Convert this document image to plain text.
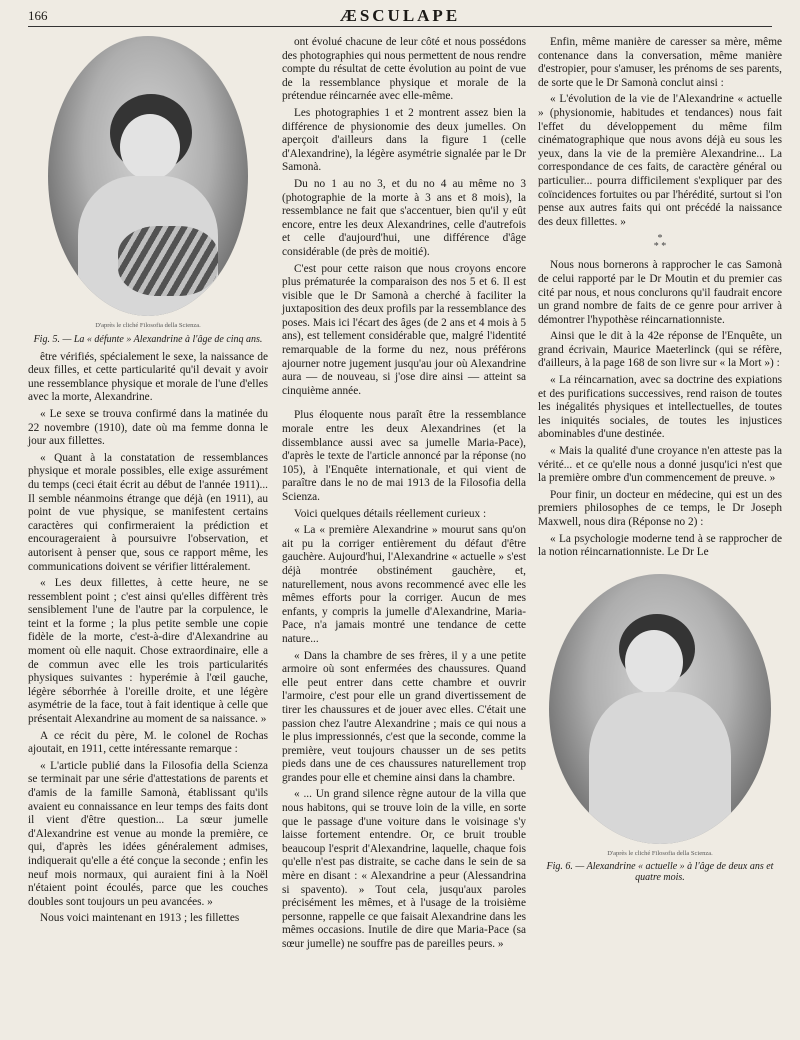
166	ÆSCULAPE
D'après le cliché Filosofia della Scienza.
Fig. 5. — La « défunte » Alexandrine à l'âge de cinq ans.

être vérifiés, spécialement le sexe, la naissance de deux filles, et cette particularité qu'il devait y avoir une ressemblance physique et morale de l'une d'elles avec la morte, Alexandrine.

« Le sexe se trouva confirmé dans la matinée du 22 novembre (1910), date où ma femme donna le jour aux fillettes.

« Quant à la constatation de ressemblances physique et morale possibles, elle exige assurément du temps (ceci était écrit au début de l'année 1911)... Il semble néanmoins étrange que déjà (en 1911), au point de vue physique, se manifestent certains caractères qui confirmeraient la prédiction et encourageraient à poursuivre l'observation, et autorisent à penser que, sous ce rapport même, les communications doivent se vérifier littéralement.

« Les deux fillettes, à cette heure, ne se ressemblent point ; c'est ainsi qu'elles diffèrent très sensiblement l'une de l'autre par la corpulence, le teint et la forme ; la plus petite semble une copie fidèle de la morte, c'est-à-dire d'Alexandrine au moment où elle naquit. Chose extraordinaire, elle a de commun avec elle les trois particularités physiques suivantes : hyperémie à l'œil gauche, légère séborrhée à l'oreille droite, et une légère asymétrie de la face, tout à fait identique à celle que présentait Alexandrine au moment de sa naissance. »

A ce récit du père, M. le colonel de Rochas ajoutait, en 1911, cette intéressante remarque :

« L'article publié dans la Filosofia della Scienza se terminait par une série d'attestations de parents et d'amis de la famille Samonà, établissant qu'ils avaient eu connaissance en leur temps des faits dont il vient d'être question... La sœur jumelle d'Alexandrine est venue au monde la première, ce qui, d'après les idées généralement admises, indiquerait qu'elle a été conçue la seconde ; enfin les neuf mois normaux, qui auraient fini à la Noël n'étaient point écoulés, parce que les couches doubles sont toujours un peu avancées. »

Nous voici maintenant en 1913 ; les fillettes

ont évolué chacune de leur côté et nous possédons des photographies qui nous permettent de nous rendre compte du résultat de cette évolution au point de vue de la ressemblance physique et morale de la prétendue réincarnée avec elle-même.

Les photographies 1 et 2 montrent assez bien la différence de physionomie des deux jumelles. On aperçoit d'ailleurs dans la figure 1 (celle d'Alexandrine), la légère asymétrie signalée par le Dr Samonà.

Du no 1 au no 3, et du no 4 au même no 3 (photographie de la morte à 3 ans et 8 mois), la ressemblance ne fait que s'accentuer, bien qu'il y eût encore, entre les deux Alexandrines, celle d'autrefois et celle d'aujourd'hui, une différence d'âge considérable (de près de moitié).

C'est pour cette raison que nous croyons encore plus prématurée la comparaison des nos 5 et 6. Il est visible que le Dr Samonà a cherché à faciliter la juxtaposition des deux profils par la ressemblance des poses. Mais ici l'écart des âges (de 2 ans et 4 mois à 5 ans), est tellement considérable que, malgré l'identité remarquable de la forme du nez, nous préférons ajourner notre jugement jusqu'au jour où Alexandrine aura — de nouveau, si j'ose dire ainsi — atteint sa cinquième année.

Plus éloquente nous paraît être la ressemblance morale entre les deux Alexandrines (et la dissemblance aussi avec sa jumelle Maria-Pace), d'après le texte de l'article annoncé par la réponse (no 105), à l'Enquête internationale, et qui vient de paraître dans le no de mai 1913 de la Filosofia della Scienza.

Voici quelques détails réellement curieux :

« La « première Alexandrine » mourut sans qu'on ait pu la corriger entièrement du défaut d'être gauchère. Aujourd'hui, l'Alexandrine « actuelle » s'est déjà montrée obstinément gauchère, et, naturellement, nous avons recommencé avec elle les mêmes efforts pour la corriger. Aucun de mes enfants, y compris la jumelle d'Alexandrine, Maria-Pace, n'a jamais montré une tendance de cette nature...

« Dans la chambre de ses frères, il y a une petite armoire où sont enfermées des chaussures. Quand elle peut entrer dans cette chambre et ouvrir l'armoire, c'est pour elle un grand divertissement de tirer les chaussures et de jouer avec elles. C'était une passion chez l'autre Alexandrine ; mais ce qui nous a le plus impressionnés, c'est que la seconde, comme la première, veut toujours chausser un de ses petits pieds dans une de ces chaussures naturellement trop grandes pour elle et chemine ainsi dans la chambre.

« ... Un grand silence règne autour de la villa que nous habitons, qui se trouve loin de la ville, en sorte que le passage d'une voiture dans le voisinage s'y laisse fortement entendre. Or, ce bruit trouble beaucoup l'esprit d'Alexandrine, laquelle, chaque fois qu'elle n'est pas distraite, se cache dans le sein de sa mère en disant : « Alexandrine a peur (Alessandrina si spavento). » Tout cela, jusqu'aux paroles précisément les mêmes, et à l'usage de la troisième personne, rappelle ce que faisait Alexandrine dans les mêmes occasions. Inutile de dire que Maria-Pace (sa sœur jumelle) ne souffre pas de pareilles peurs. »

Enfin, même manière de caresser sa mère, même contenance dans la conversation, même manière d'estropier, pour s'amuser, les prénoms de ses parents, de sorte que le Dr Samonà conclut ainsi :

« L'évolution de la vie de l'Alexandrine « actuelle » (physionomie, habitudes et tendances) nous fait l'effet du développement du même film cinématographique que nous avons déjà eu sous les yeux, dans la vie de la première Alexandrine... La correspondance de ces faits, de caractère général ou particulier... pourra difficilement s'expliquer par des coïncidences fortuites ou par l'hérédité, surtout si l'on pense aux autres faits qui ont précédé la naissance des deux fillettes. »

*
* *

Nous nous bornerons à rapprocher le cas Samonà de celui rapporté par le Dr Moutin et du premier cas cité par nous, et nous conclurons qu'il faudrait encore un grand nombre de faits de ce genre pour arriver à démontrer l'hypothèse réincarnationniste.

Ainsi que le dit à la 42e réponse de l'Enquête, un grand écrivain, Maurice Maeterlinck (qui se réfère, d'ailleurs, à la page 168 de son livre sur « la Mort ») :

« La réincarnation, avec sa doctrine des expiations et des purifications successives, rend raison de toutes les inégalités physiques et intellectuelles, de toutes les iniquités sociales, de toutes les injustices abominables d'une destinée.

« Mais la qualité d'une croyance n'en atteste pas la vérité... et ce qu'elle nous a donné jusqu'ici n'est que la première ombre d'un commencement de preuve. »

Pour finir, un docteur en médecine, qui est un des premiers philosophes de ce temps, le Dr Joseph Maxwell, nous dira (Réponse no 2) :

« La psychologie moderne tend à se rapprocher de la notion réincarnationniste. Le Dr Le

D'après le cliché Filosofia della Scienza.
Fig. 6. — Alexandrine « actuelle » à l'âge de deux ans et quatre mois.
